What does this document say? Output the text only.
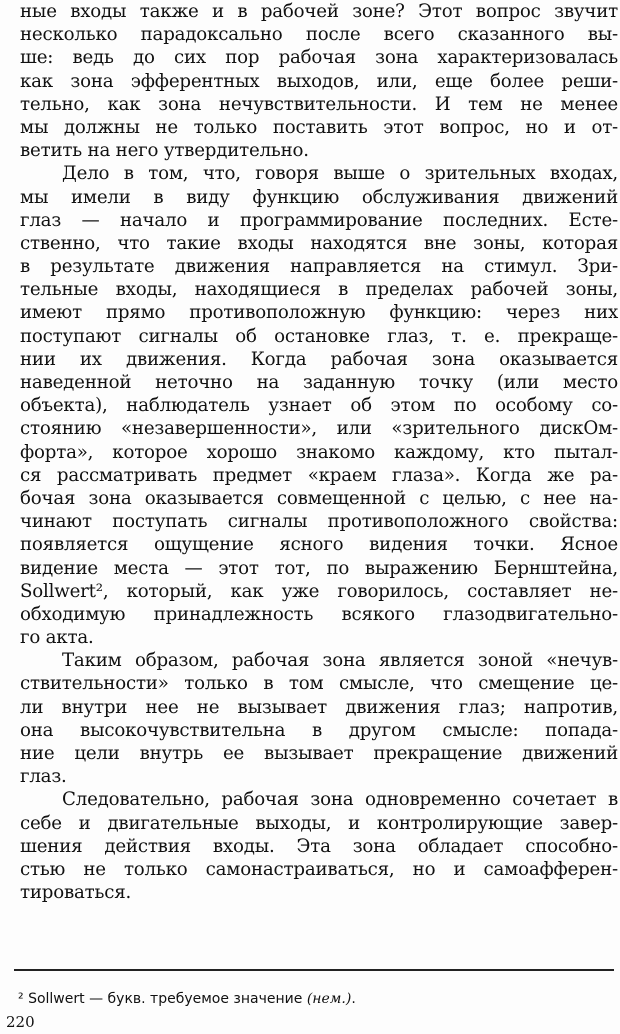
ные входы также и в рабочей зоне? Этот вопрос звучит
несколько парадоксально после всего сказанного вы-
ше: ведь до сих пор рабочая зона характеризовалась
как зона эфферентных выходов, или, еще более реши-
тельно, как зона нечувствительности. И тем не менее
мы должны не только поставить этот вопрос, но и от-
ветить на него утвердительно.
Дело в том, что, говоря выше о зрительных входах,
мы имели в виду функцию обслуживания движений
глаз — начало и программирование последних. Есте-
ственно, что такие входы находятся вне зоны, которая
в результате движения направляется на стимул. Зри-
тельные входы, находящиеся в пределах рабочей зоны,
имеют прямо противоположную функцию: через них
поступают сигналы об остановке глаз, т. е. прекраще-
нии их движения. Когда рабочая зона оказывается
наведенной неточно на заданную точку (или место
объекта), наблюдатель узнает об этом по особому со-
стоянию «незавершенности», или «зрительного дискОм-
форта», которое хорошо знакомо каждому, кто пытал-
ся рассматривать предмет «краем глаза». Когда же ра-
бочая зона оказывается совмещенной с целью, с нее на-
чинают поступать сигналы противоположного свойства:
появляется ощущение ясного видения точки. Ясное
видение места — этот тот, по выражению Бернштейна,
Sollwert², который, как уже говорилось, составляет не-
обходимую принадлежность всякого глазодвигательно-
го акта.
Таким образом, рабочая зона является зоной «нечув-
ствительности» только в том смысле, что смещение це-
ли внутри нее не вызывает движения глаз; напротив,
она высокочувствительна в другом смысле: попада-
ние цели внутрь ее вызывает прекращение движений
глаз.
Следовательно, рабочая зона одновременно сочетает в
себе и двигательные выходы, и контролирующие завер-
шения действия входы. Эта зона обладает способно-
стью не только самонастраиваться, но и самоафферен-
тироваться.
² Sollwert — букв. требуемое значение (нем.).
220
